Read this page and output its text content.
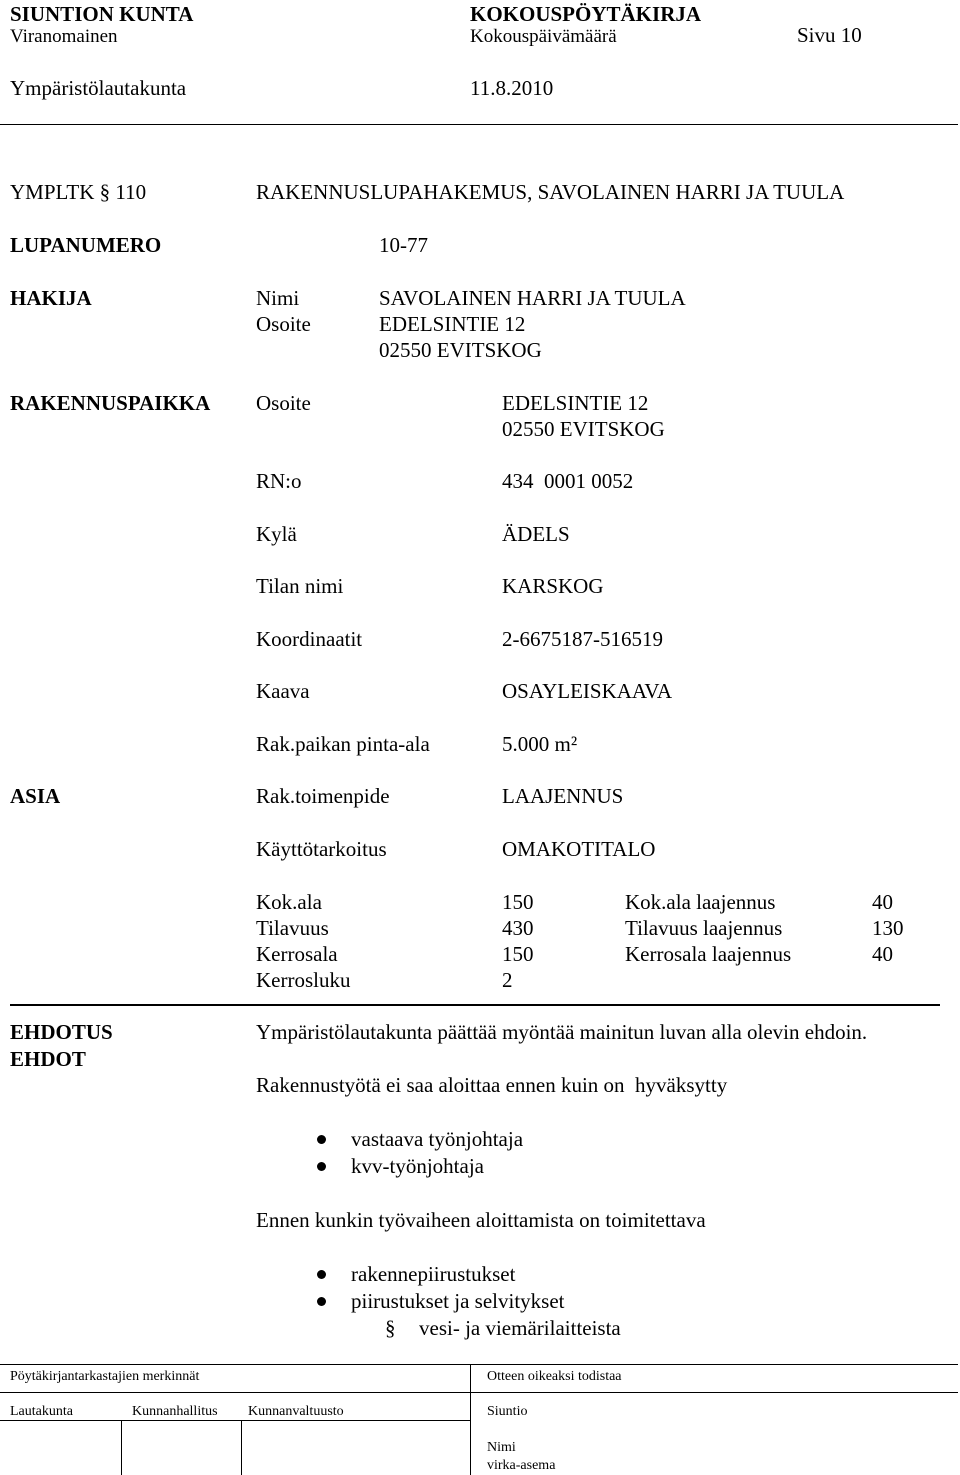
SIUNTION KUNTA	KOKOUSPÖYTÄKIRJA
Viranomainen	Kokouspäivämäärä	Sivu 10
Ympäristölautakunta	11.8.2010
YMPLTK § 110	RAKENNUSLUPAHAKEMUS, SAVOLAINEN HARRI JA TUULA
LUPANUMERO	10-77
HAKIJA	Nimi	SAVOLAINEN HARRI JA TUULA
Osoite	EDELSINTIE 12
02550 EVITSKOG
RAKENNUSPAIKKA Osoite	EDELSINTIE 12
02550 EVITSKOG
RN:o	434  0001 0052
Kylä	ÄDELS
Tilan nimi	KARSKOG
Koordinaatit	2-6675187-516519
Kaava	OSAYLEISKAAVA
Rak.paikan pinta-ala	5.000 m²
ASIA	Rak.toimenpide	LAAJENNUS
Käyttötarkoitus	OMAKOTITALO
Kok.ala	150	Kok.ala laajennus	40
Tilavuus	430	Tilavuus laajennus	130
Kerrosala	150	Kerrosala laajennus	40
Kerrosluku	2
EHDOTUS
EHDOT
Ympäristölautakunta päättää myöntää mainitun luvan alla olevin ehdoin.
Rakennustyötä ei saa aloittaa ennen kuin on  hyväksytty
vastaava työnjohtaja
kvv-työnjohtaja
Ennen kunkin työvaiheen aloittamista on toimitettava
rakennepiirustukset
piirustukset ja selvitykset
§ vesi- ja viemärilaitteista
Pöytäkirjantarkastajien merkinnät	Otteen oikeaksi todistaa
Lautakunta	Kunnanhallitus Kunnanvaltuusto	Siuntio
Nimi
virka-asema
